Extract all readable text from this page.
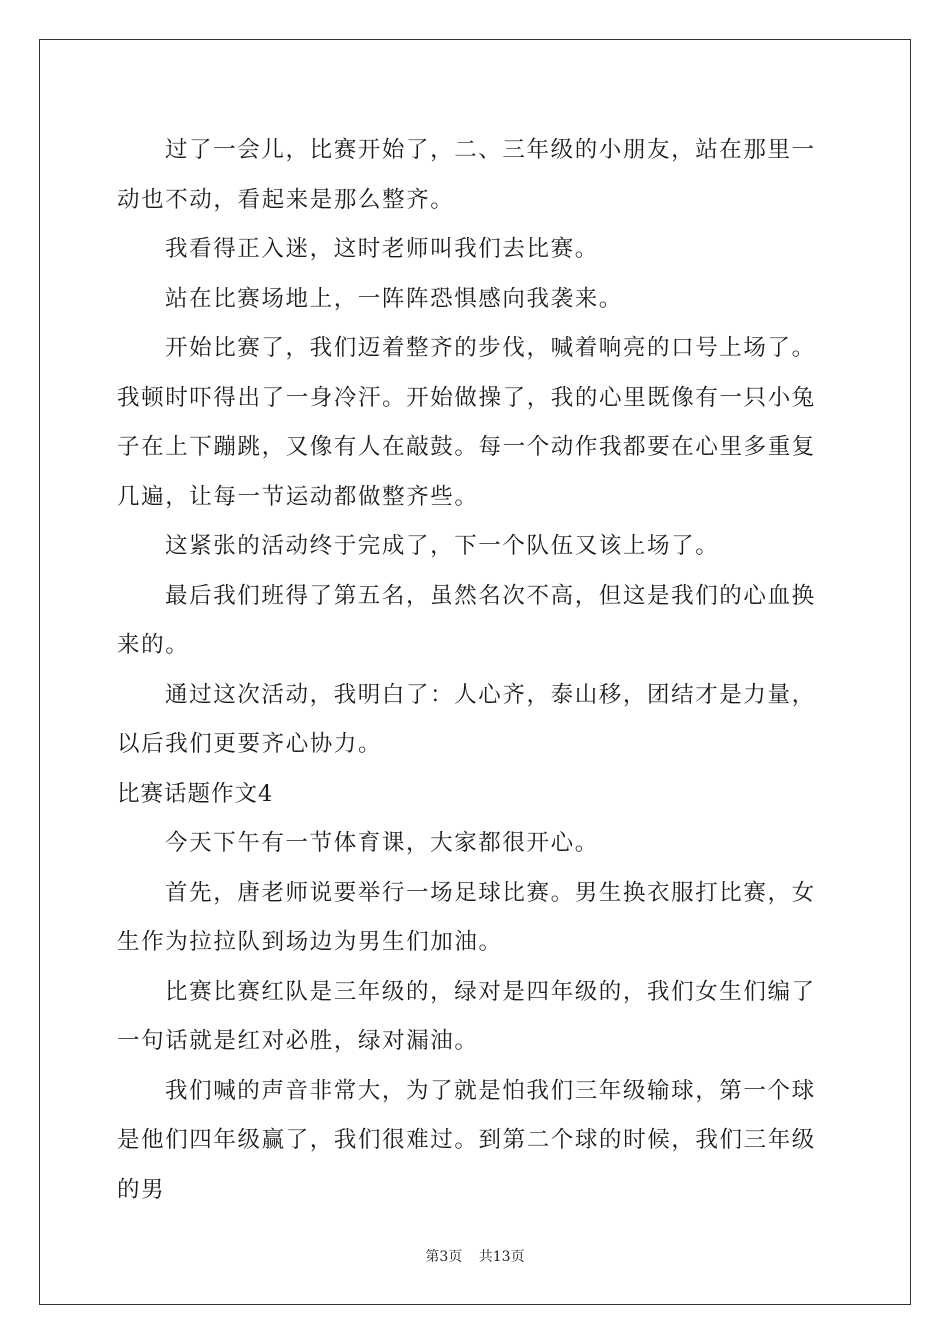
过了一会儿，比赛开始了，二、三年级的小朋友，站在那里一动也不动，看起来是那么整齐。

我看得正入迷，这时老师叫我们去比赛。

站在比赛场地上，一阵阵恐惧感向我袭来。

开始比赛了，我们迈着整齐的步伐，喊着响亮的口号上场了。我顿时吓得出了一身冷汗。开始做操了，我的心里既像有一只小兔子在上下蹦跳，又像有人在敲鼓。每一个动作我都要在心里多重复几遍，让每一节运动都做整齐些。

这紧张的活动终于完成了，下一个队伍又该上场了。

最后我们班得了第五名，虽然名次不高，但这是我们的心血换来的。

通过这次活动，我明白了：人心齐，泰山移，团结才是力量，以后我们更要齐心协力。

比赛话题作文4

今天下午有一节体育课，大家都很开心。

首先，唐老师说要举行一场足球比赛。男生换衣服打比赛，女生作为拉拉队到场边为男生们加油。

比赛比赛红队是三年级的，绿对是四年级的，我们女生们编了一句话就是红对必胜，绿对漏油。

我们喊的声音非常大，为了就是怕我们三年级输球，第一个球是他们四年级赢了，我们很难过。到第二个球的时候，我们三年级的男

第3页 共13页
